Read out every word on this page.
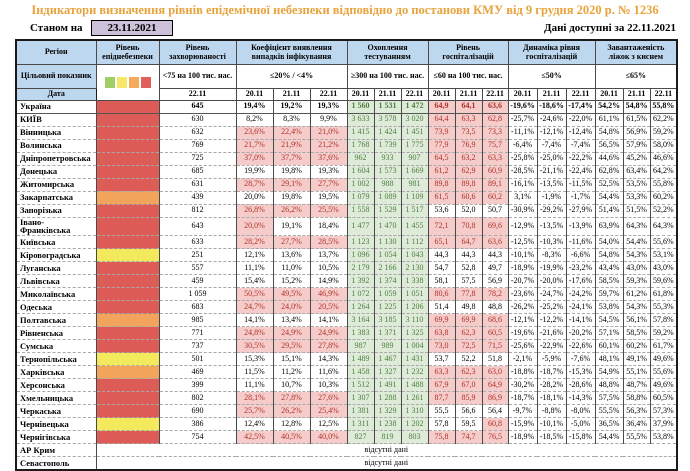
Індикатори визначення рівнів епідемічної небезпеки відповідно до постанови КМУ від 9 грудня 2020 р. № 1236
Станом на	23.11.2021	Дані доступні за 22.11.2021
Регіон	Рівень епіднебезпеки	Рівень захворюваності	Коефіцієнт виявлення випадків інфікування			Охоплення тестуванням			Рівень госпіталізацій			Динаміка рівня госпіталізацій			Завантаженість ліжок з киснем		
Цільовий показник		<75 на 100 тис. нас.	≤20% / <4%			≥300 на 100 тис. нас.			≤60 на 100 тис. нас.			≤50%			≤65%		
Дата		22.11	20.11	21.11	22.11	20.11	21.11	22.11	20.11	21.11	22.11	20.11	21.11	22.11	20.11	21.11	22.11
Україна		645	19,4%	19,2%	19,3%	1 560	1 531	1 472	64,9	64,1	63,6	-19,6%	-18,6%	-17,4%	54,2%	54,8%	55,8%
КИЇВ		630	8,2%	8,3%	9,9%	3 633	3 578	3 020	64,4	63,3	62,8	-25,7%	-24,6%	-22,0%	61,1%	61,5%	62,2%
Вінницька		632	23,6%	22,4%	21,0%	1 415	1 424	1 451	73,9	73,5	73,3	-11,1%	-12,1%	-12,4%	54,8%	56,9%	59,2%
Волинська		769	21,7%	21,9%	21,2%	1 768	1 739	1 775	77,9	76,9	75,7	-6,4%	-7,4%	-7,4%	56,5%	57,9%	58,0%
Дніпропетровська		725	37,0%	37,7%	37,6%	962	933	907	64,5	63,2	63,3	-25,8%	-25,0%	-22,2%	44,6%	45,2%	46,6%
Донецька		685	19,9%	19,8%	19,3%	1 604	1 573	1 669	61,2	62,9	60,9	-28,5%	-21,1%	-22,4%	62,8%	63,4%	64,2%
Житомирська		631	28,7%	29,1%	27,7%	1 002	988	981	89,8	89,8	89,1	-16,1%	-13,5%	-11,5%	52,5%	53,5%	55,8%
Закарпатська		439	20,0%	19,8%	19,5%	1 079	1 089	1 109	61,5	60,6	60,2	3,1%	-1,9%	-1,7%	54,4%	53,3%	60,2%
Запорізька		812	26,8%	26,2%	25,5%	1 558	1 529	1 517	53,6	52,0	50,7	-30,9%	-29,2%	-27,9%	51,4%	51,5%	52,2%
Івано-Франківська		643	20,0%	19,1%	18,4%	1 477	1 470	1 455	72,1	70,8	69,6	-12,9%	-13,5%	-13,9%	63,9%	64,3%	64,3%
Київська		633	28,2%	27,7%	28,5%	1 123	1 130	1 112	65,1	64,7	63,6	-12,5%	-10,3%	-11,6%	54,0%	54,4%	55,6%
Кіровоградська		251	12,1%	13,6%	13,7%	1 096	1 054	1 043	44,3	44,3	44,3	-10,1%	-8,3%	-6,6%	54,8%	54,3%	53,1%
Луганська		557	11,1%	11,0%	10,5%	2 179	2 166	2 130	54,7	52,8	49,7	-18,9%	-19,9%	-23,2%	43,4%	43,0%	43,0%
Львівська		459	15,4%	15,2%	14,9%	1 392	1 374	1 338	58,1	57,5	56,9	-20,7%	-20,0%	-17,6%	58,5%	59,3%	59,6%
Миколаївська		1 059	50,5%	49,5%	46,9%	1 072	1 059	1 051	80,6	77,8	78,2	-23,6%	-24,7%	-24,2%	59,7%	61,2%	61,8%
Одеська		683	24,7%	24,0%	20,5%	1 264	1 225	1 206	51,4	49,8	48,8	-26,2%	-25,2%	-24,1%	53,8%	54,3%	55,3%
Полтавська		985	14,1%	13,4%	14,1%	3 164	3 185	3 110	69,9	69,9	68,6	-12,1%	-12,2%	-14,1%	54,5%	56,1%	57,8%
Рівненська		771	24,8%	24,9%	24,9%	1 383	1 371	1 325	63,8	62,3	60,5	-19,6%	-21,6%	-20,2%	57,1%	58,5%	59,2%
Сумська		737	30,5%	29,5%	27,8%	987	989	1 004	73,0	72,5	71,5	-25,6%	-22,9%	-22,6%	60,1%	60,2%	61,7%
Тернопільська		501	15,3%	15,1%	14,3%	1 489	1 467	1 431	53,7	52,2	51,8	-2,1%	-5,9%	-7,6%	48,1%	49,1%	49,6%
Харківська		469	11,5%	11,2%	11,6%	1 458	1 327	1 232	63,3	62,3	63,0	-18,8%	-18,7%	-15,3%	54,9%	55,1%	55,6%
Херсонська		399	11,1%	10,7%	10,3%	1 512	1 491	1 488	67,9	67,0	64,9	-30,2%	-28,2%	-28,6%	48,8%	48,7%	49,6%
Хмельницька		802	28,1%	27,8%	27,6%	1 307	1 288	1 261	87,7	85,9	86,9	-18,7%	-18,1%	-14,3%	57,5%	58,8%	60,5%
Черкаська		690	25,7%	26,2%	25,4%	1 381	1 329	1 310	55,5	56,6	56,4	-9,7%	-8,8%	-8,0%	55,5%	56,3%	57,3%
Чернівецька		386	12,4%	12,8%	12,5%	1 311	1 238	1 202	57,8	59,5	60,8	-15,9%	-10,1%	-5,0%	36,5%	36,4%	37,9%
Чернігівська		754	42,5%	40,5%	40,0%	827	819	803	75,8	74,7	76,5	-18,9%	-18,5%	-15,8%	54,4%	55,5%	53,8%
АР Крим	відсутні дані																
Севастополь	відсутні дані																
